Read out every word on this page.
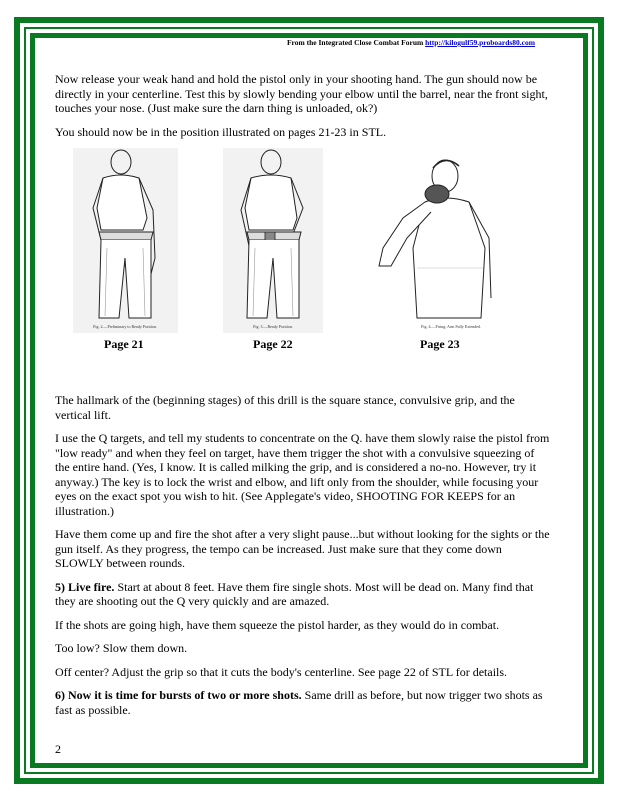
From the Integrated Close Combat Forum http://kilogulf59.proboards80.com

Now release your weak hand and hold the pistol only in your shooting hand. The gun should now be directly in your centerline. Test this by slowly bending your elbow until the barrel, near the front sight, touches your nose. (Just make sure the darn thing is unloaded, ok?)

You should now be in the position illustrated on pages 21-23 in STL.

Fig. 2.—Preliminary to Ready Position.
Page 21
Fig. 3.—Ready Position.
Page 22
Fig. 4.—Firing, Arm Fully Extended.
Page 23

The hallmark of the (beginning stages) of this drill is the square stance, convulsive grip, and the vertical lift.

I use the Q targets, and tell my students to concentrate on the Q. have them slowly raise the pistol from "low ready" and when they feel on target, have them trigger the shot with a convulsive squeezing of the entire hand. (Yes, I know. It is called milking the grip, and is considered a no-no. However, try it anyway.) The key is to lock the wrist and elbow, and lift only from the shoulder, while focusing your eyes on the exact spot you wish to hit. (See Applegate's video, SHOOTING FOR KEEPS for an illustration.)

Have them come up and fire the shot after a very slight pause...but without looking for the sights or the gun itself. As they progress, the tempo can be increased. Just make sure that they come down SLOWLY between rounds.

5) Live fire. Start at about 8 feet. Have them fire single shots. Most will be dead on. Many find that they are shooting out the Q very quickly and are amazed.

If the shots are going high, have them squeeze the pistol harder, as they would do in combat.

Too low? Slow them down.

Off center? Adjust the grip so that it cuts the body's centerline. See page 22 of STL for details.

6) Now it is time for bursts of two or more shots. Same drill as before, but now trigger two shots as fast as possible.

2
